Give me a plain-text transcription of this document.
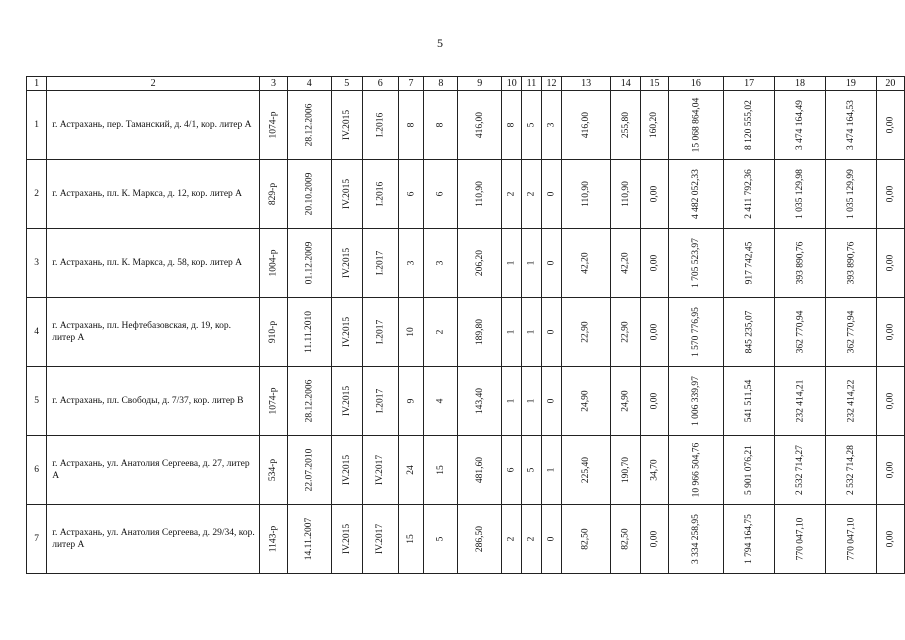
5
1	2	3	4	5	6	7	8	9	10	11	12	13	14	15	16	17	18	19	20
1	г. Астрахань, пер. Таманский, д. 4/1, кор. литер А	1074-р	28.12.2006	IV.2015	I.2016	8	8	416,00	8	5	3	416,00	255,80	160,20	15 068 864,04	8 120 555,02	3 474 164,49	3 474 164,53	0,00
2	г. Астрахань, пл. К. Маркса, д. 12, кор. литер А	829-р	20.10.2009	IV.2015	I.2016	6	6	110,90	2	2	0	110,90	110,90	0,00	4 482 052,33	2 411 792,36	1 035 129,98	1 035 129,99	0,00
3	г. Астрахань, пл. К. Маркса, д. 58, кор. литер А	1004-р	01.12.2009	IV.2015	I.2017	3	3	206,20	1	1	0	42,20	42,20	0,00	1 705 523,97	917 742,45	393 890,76	393 890,76	0,00
4	г. Астрахань, пл. Нефтебазовская, д. 19, кор. литер А	910-р	11.11.2010	IV.2015	I.2017	10	2	189,80	1	1	0	22,90	22,90	0,00	1 570 776,95	845 235,07	362 770,94	362 770,94	0,00
5	г. Астрахань, пл. Свободы, д. 7/37, кор. литер В	1074-р	28.12.2006	IV.2015	I.2017	9	4	143,40	1	1	0	24,90	24,90	0,00	1 006 339,97	541 511,54	232 414,21	232 414,22	0,00
6	г. Астрахань, ул. Анатолия Сергеева, д. 27, литер А	534-р	22.07.2010	IV.2015	IV.2017	24	15	481,60	6	5	1	225,40	190,70	34,70	10 966 504,76	5 901 076,21	2 532 714,27	2 532 714,28	0,00
7	г. Астрахань, ул. Анатолия Сергеева, д. 29/34, кор. литер А	1143-р	14.11.2007	IV.2015	IV.2017	15	5	286,50	2	2	0	82,50	82,50	0,00	3 334 258,95	1 794 164,75	770 047,10	770 047,10	0,00
